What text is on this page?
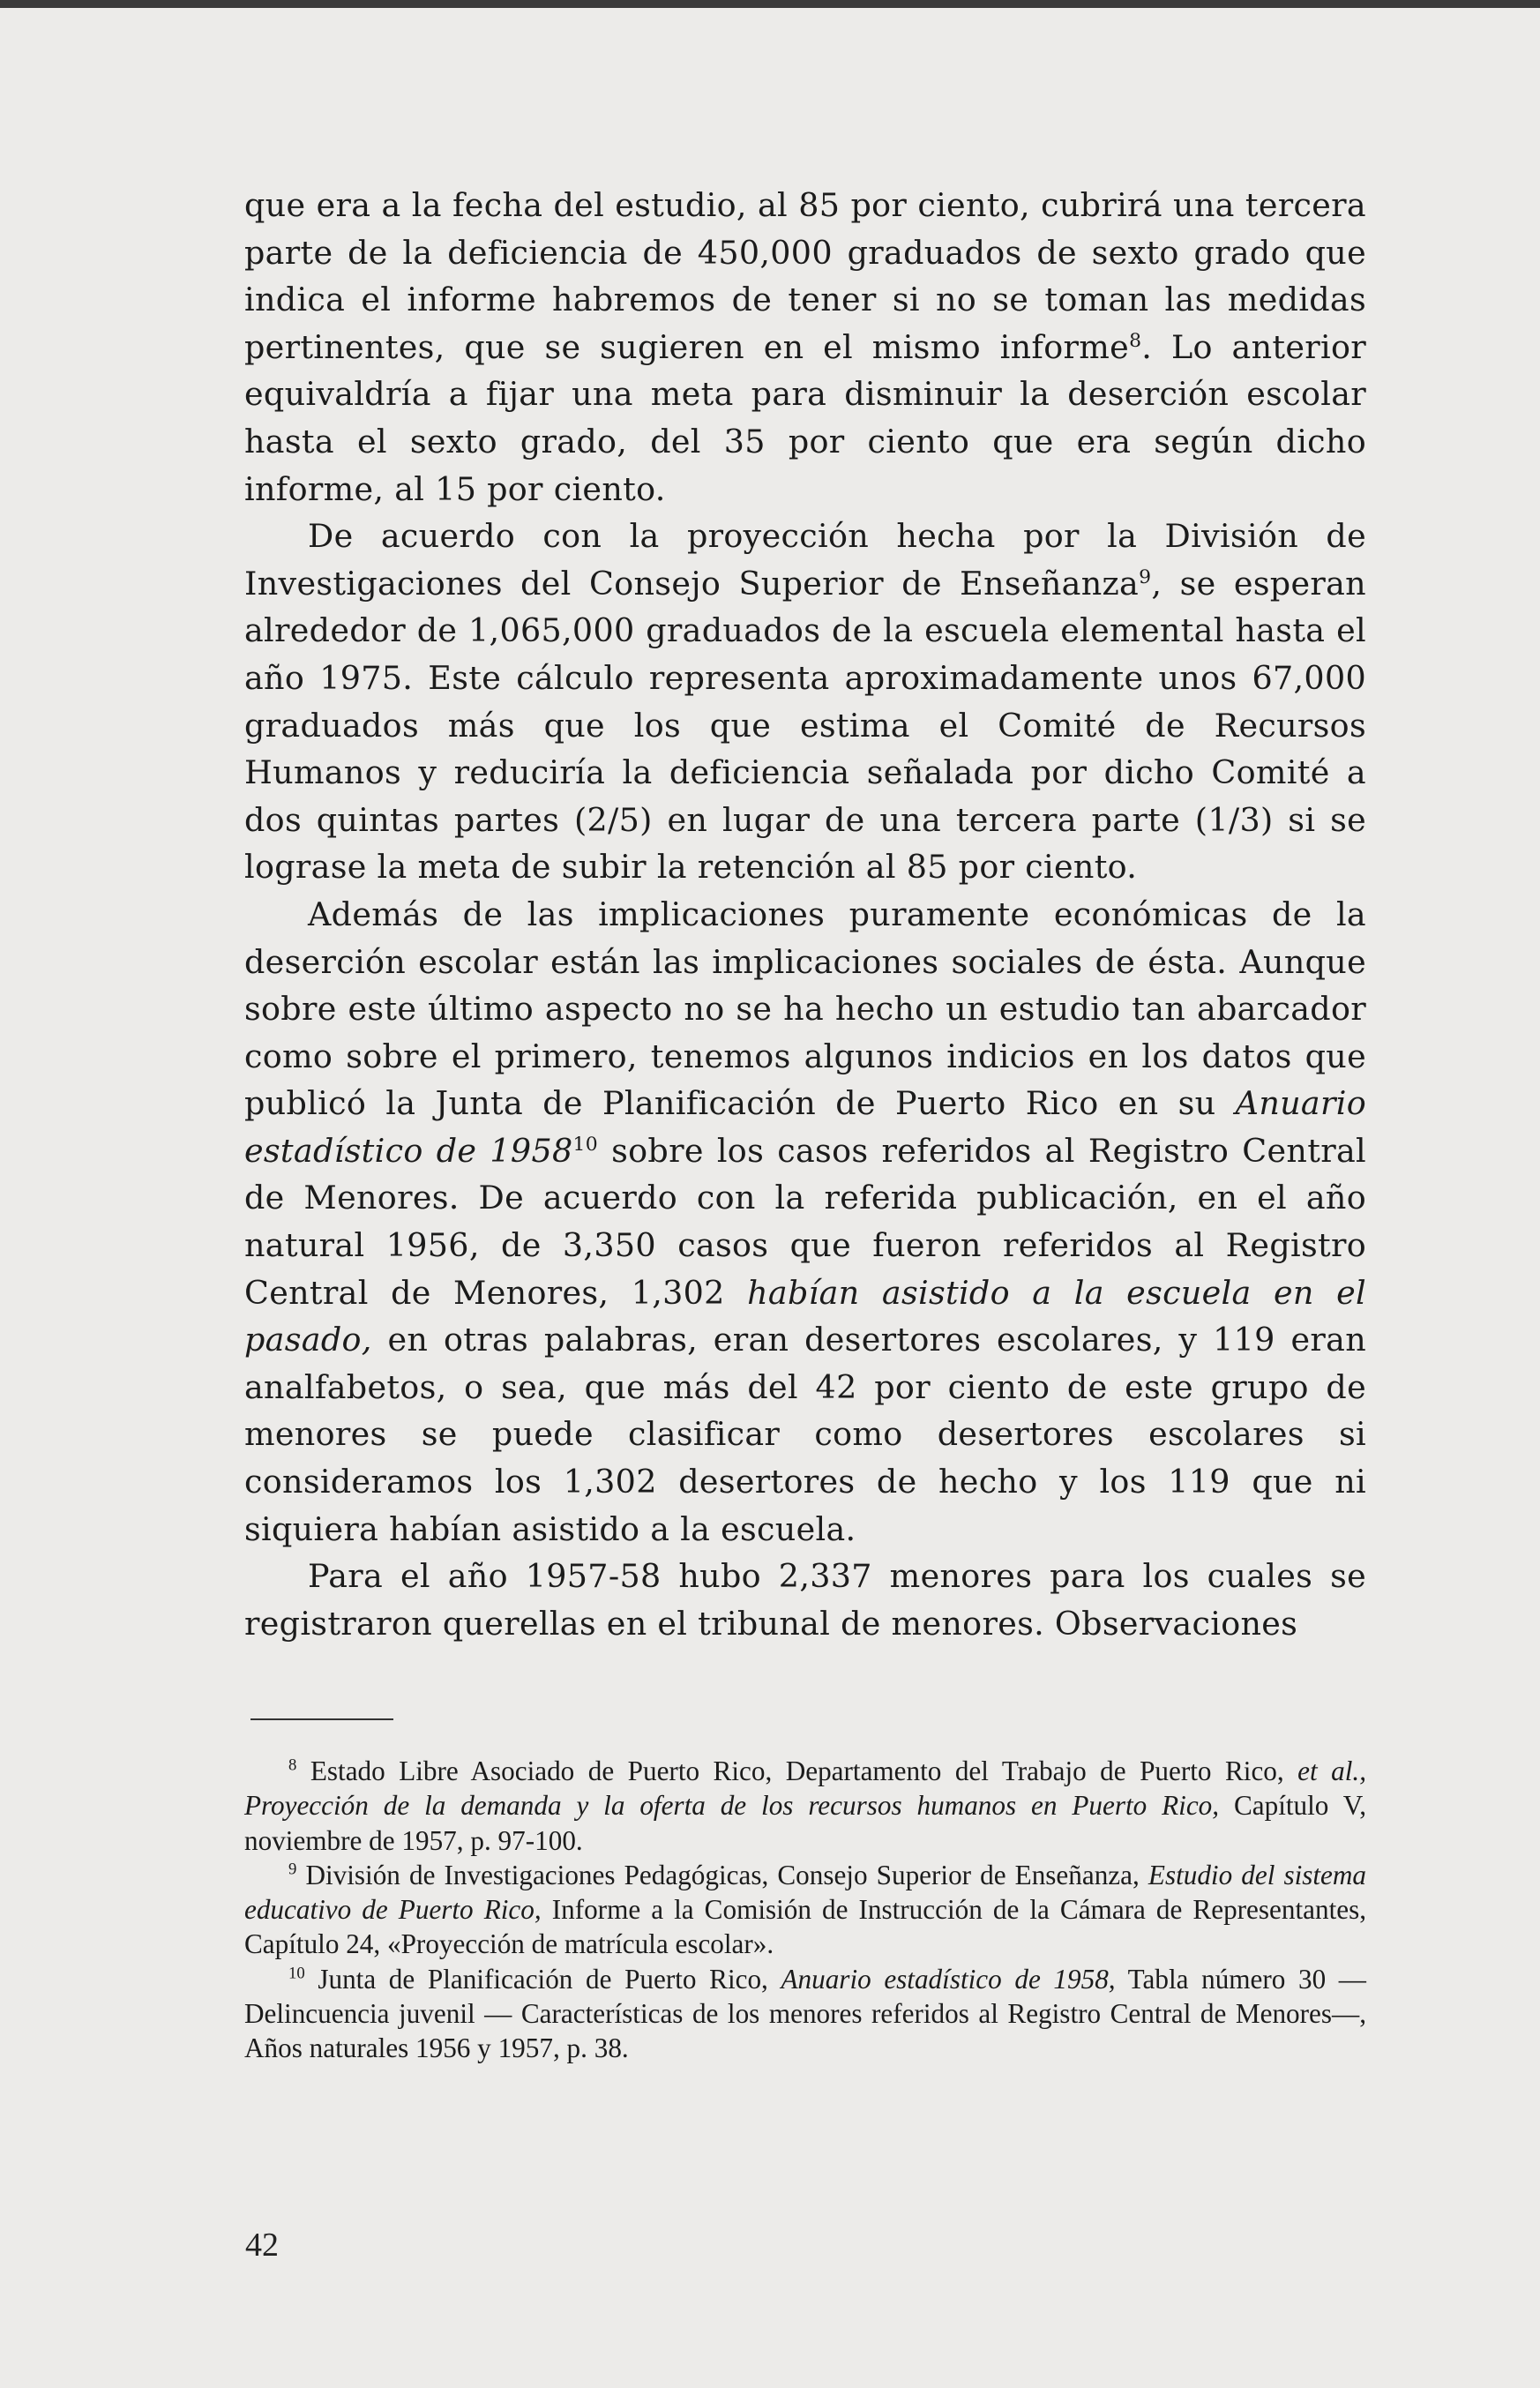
que era a la fecha del estudio, al 85 por ciento, cubrirá una tercera parte de la deficiencia de 450,000 graduados de sexto grado que indica el informe habremos de tener si no se toman las medidas pertinentes, que se sugieren en el mismo informe$^8$. Lo anterior equivaldría a fijar una meta para disminuir la deserción escolar hasta el sexto grado, del 35 por ciento que era según dicho informe, al 15 por ciento.

De acuerdo con la proyección hecha por la División de Investigaciones del Consejo Superior de Enseñanza$^9$, se esperan alrededor de 1,065,000 graduados de la escuela elemental hasta el año 1975. Este cálculo representa aproximadamente unos 67,000 graduados más que los que estima el Comité de Recursos Humanos y reduciría la deficiencia señalada por dicho Comité a dos quintas partes (2/5) en lugar de una tercera parte (1/3) si se lograse la meta de subir la retención al 85 por ciento.

Además de las implicaciones puramente económicas de la deserción escolar están las implicaciones sociales de ésta. Aunque sobre este último aspecto no se ha hecho un estudio tan abarcador como sobre el primero, tenemos algunos indicios en los datos que publicó la Junta de Planificación de Puerto Rico en su Anuario estadístico de 1958$^{10}$ sobre los casos referidos al Registro Central de Menores. De acuerdo con la referida publicación, en el año natural 1956, de 3,350 casos que fueron referidos al Registro Central de Menores, 1,302 habían asistido a la escuela en el pasado, en otras palabras, eran desertores escolares, y 119 eran analfabetos, o sea, que más del 42 por ciento de este grupo de menores se puede clasificar como desertores escolares si consideramos los 1,302 desertores de hecho y los 119 que ni siquiera habían asistido a la escuela.

Para el año 1957-58 hubo 2,337 menores para los cuales se registraron querellas en el tribunal de menores. Observaciones

$^8$ Estado Libre Asociado de Puerto Rico, Departamento del Trabajo de Puerto Rico, et al., Proyección de la demanda y la oferta de los recursos humanos en Puerto Rico, Capítulo V, noviembre de 1957, p. 97-100.

$^9$ División de Investigaciones Pedagógicas, Consejo Superior de Enseñanza, Estudio del sistema educativo de Puerto Rico, Informe a la Comisión de Instrucción de la Cámara de Representantes, Capítulo 24, «Proyección de matrícula escolar».

$^{10}$ Junta de Planificación de Puerto Rico, Anuario estadístico de 1958, Tabla número 30 —Delincuencia juvenil — Características de los menores referidos al Registro Central de Menores—, Años naturales 1956 y 1957, p. 38.

42
